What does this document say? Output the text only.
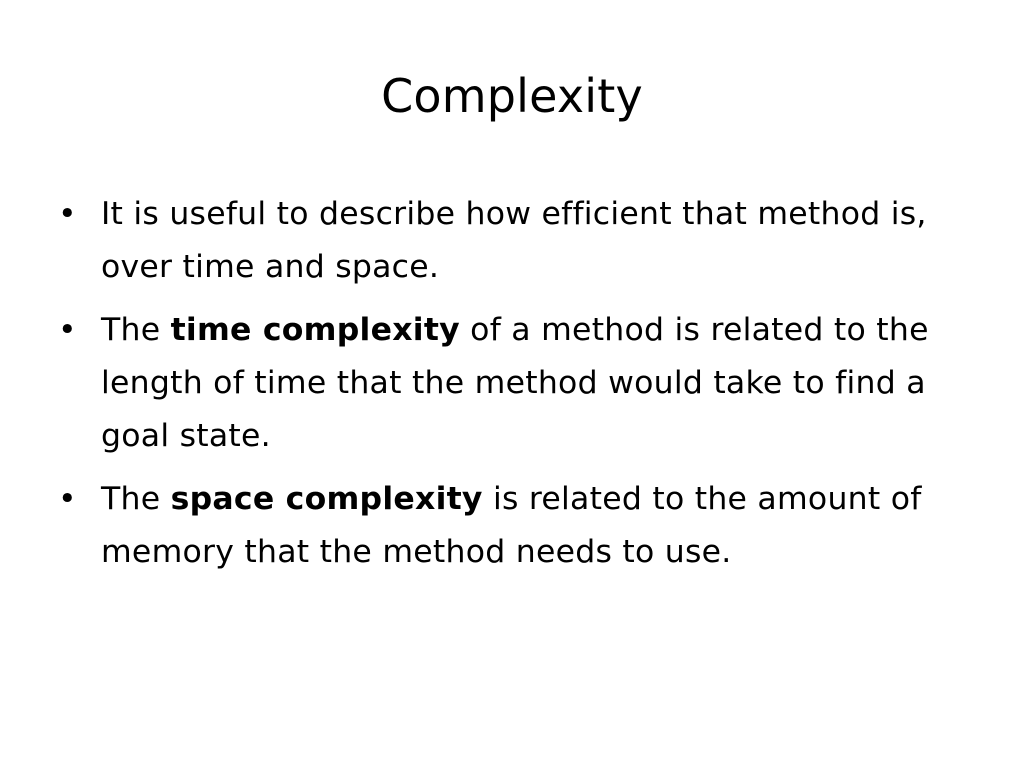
Complexity
• It is useful to describe how efficient that method is, over time and space.
• The time complexity of a method is related to the length of time that the method would take to find a goal state.
• The space complexity is related to the amount of memory that the method needs to use.
